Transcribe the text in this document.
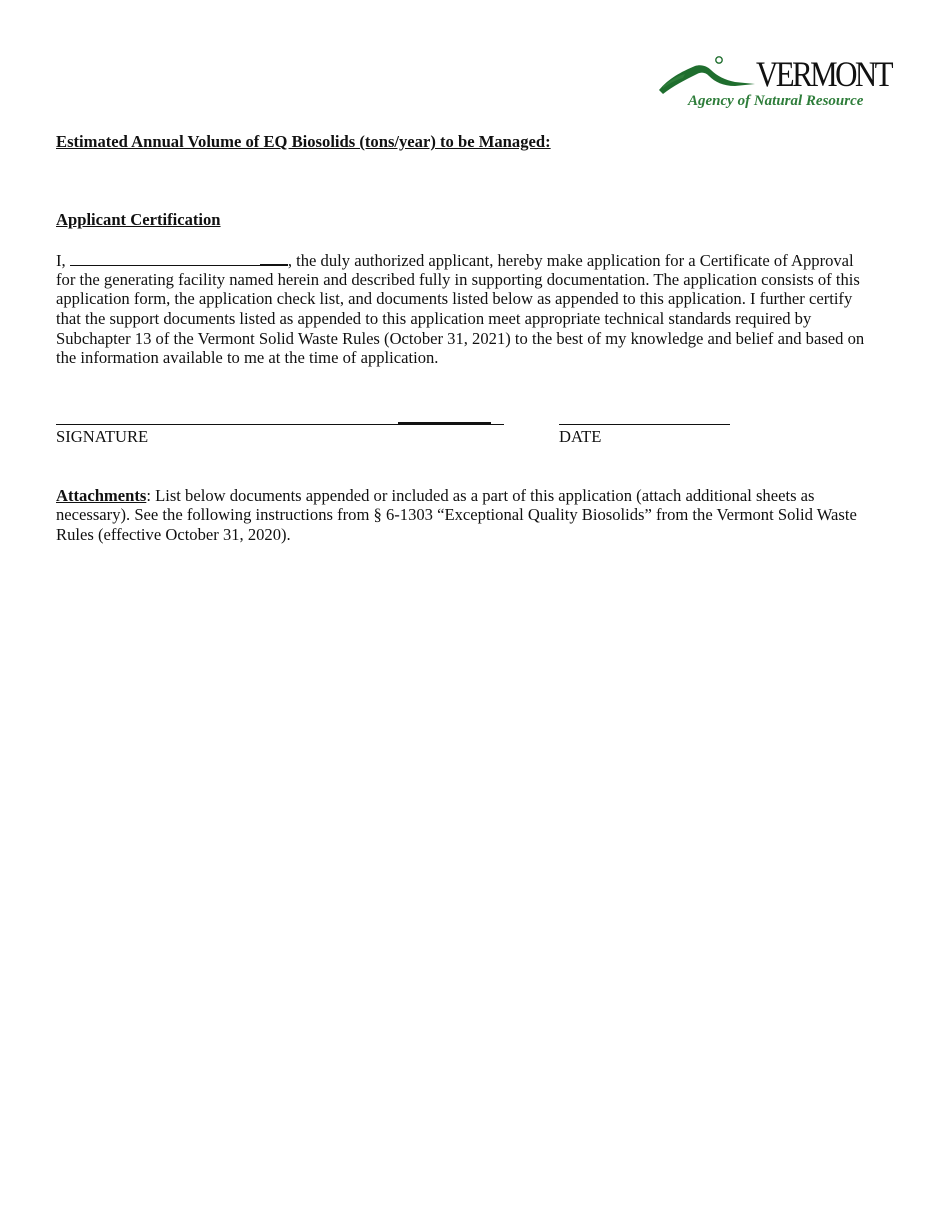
VERMONT
Agency of Natural Resource
Estimated Annual Volume of EQ Biosolids (tons/year) to be Managed:
Applicant Certification
I,	, the duly authorized applicant, hereby make application for a Certificate of Approval
for the generating facility named herein and described fully in supporting documentation. The application consists of this
application form, the application check list, and documents listed below as appended to this application. I further certify
that the support documents listed as appended to this application meet appropriate technical standards required by
Subchapter 13 of the Vermont Solid Waste Rules (October 31, 2021) to the best of my knowledge and belief and based on
the information available to me at the time of application.
SIGNATURE	DATE
Attachments: List below documents appended or included as a part of this application (attach additional sheets as
necessary). See the following instructions from § 6-1303 “Exceptional Quality Biosolids” from the Vermont Solid Waste
Rules (effective October 31, 2020).
